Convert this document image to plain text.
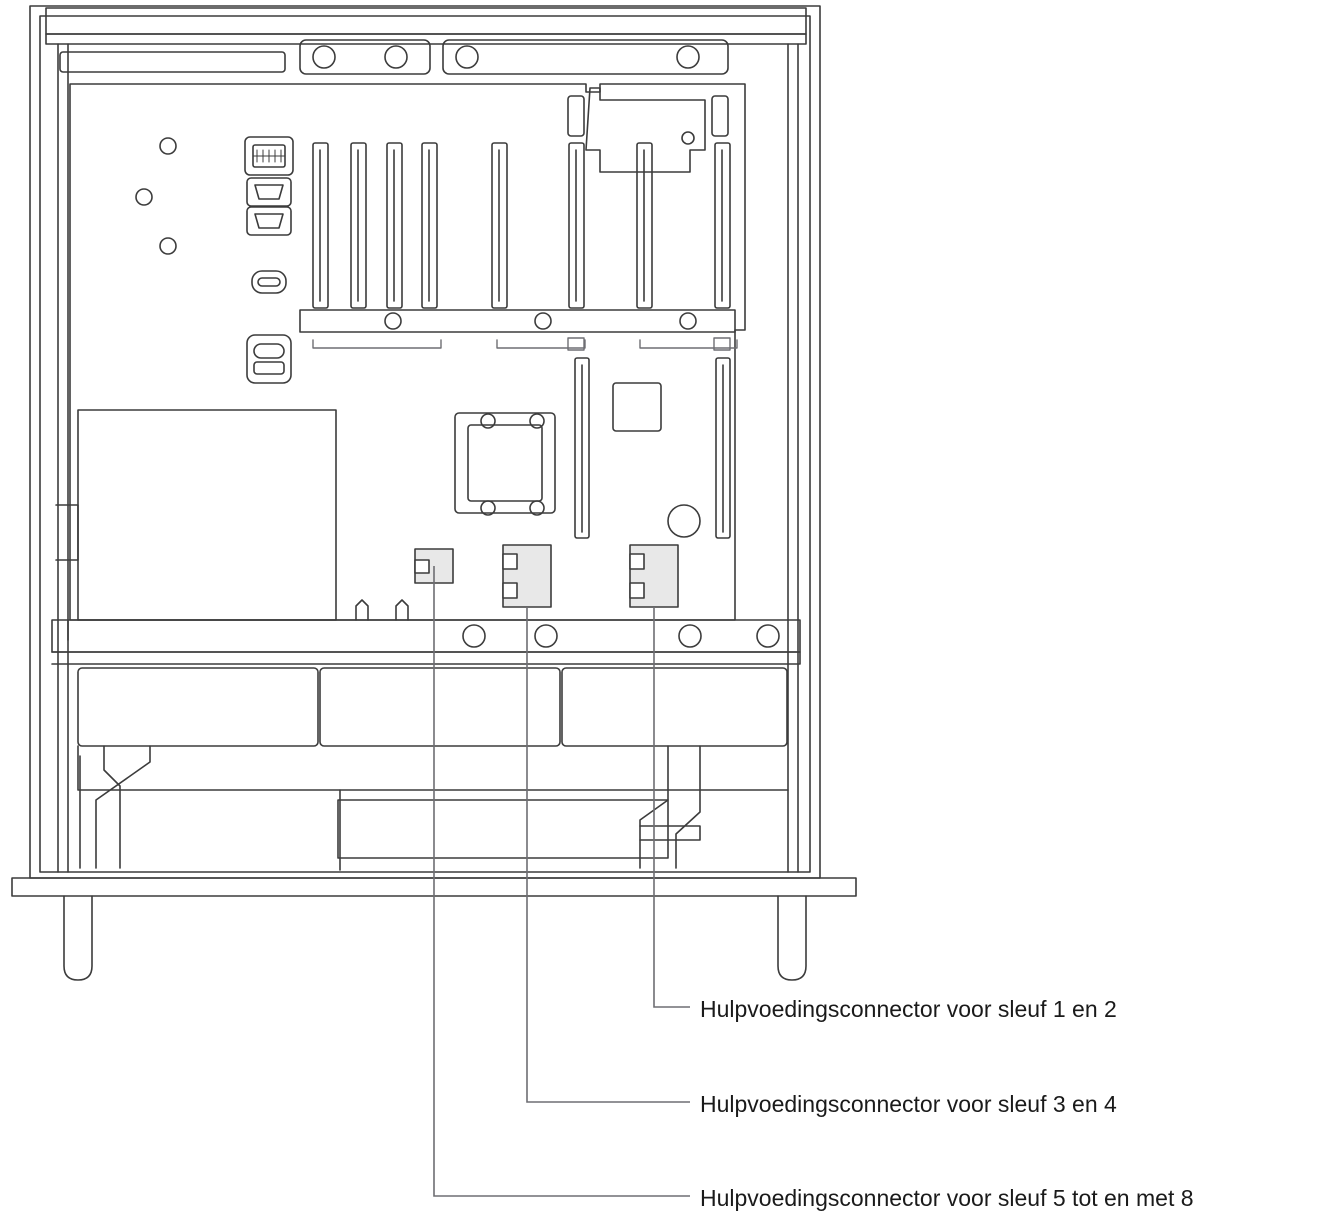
Hulpvoedingsconnector voor sleuf 1 en 2
Hulpvoedingsconnector voor sleuf 3 en 4
Hulpvoedingsconnector voor sleuf 5 tot en met 8
